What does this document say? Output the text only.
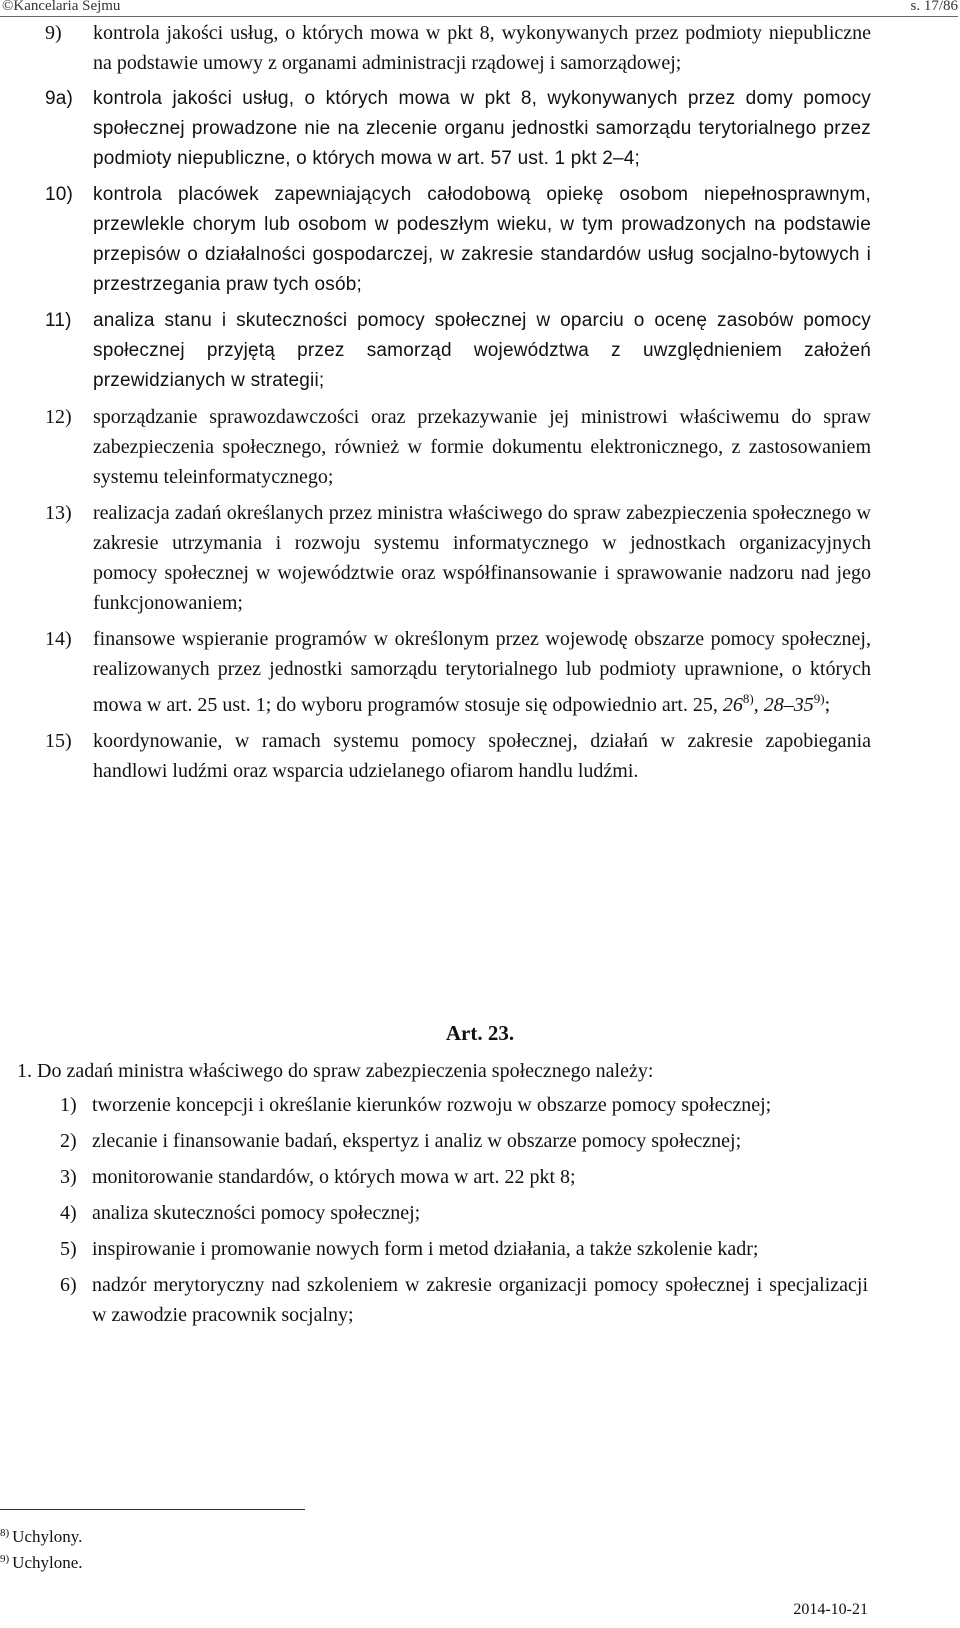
©Kancelaria Sejmu	s. 17/86
9) kontrola jakości usług, o których mowa w pkt 8, wykonywanych przez podmioty niepubliczne na podstawie umowy z organami administracji rządowej i samorządowej;
9a) kontrola jakości usług, o których mowa w pkt 8, wykonywanych przez domy pomocy społecznej prowadzone nie na zlecenie organu jednostki samorządu terytorialnego przez podmioty niepubliczne, o których mowa w art. 57 ust. 1 pkt 2–4;
10) kontrola placówek zapewniających całodobową opiekę osobom niepełnosprawnym, przewlekle chorym lub osobom w podeszłym wieku, w tym prowadzonych na podstawie przepisów o działalności gospodarczej, w zakresie standardów usług socjalno-bytowych i przestrzegania praw tych osób;
11) analiza stanu i skuteczności pomocy społecznej w oparciu o ocenę zasobów pomocy społecznej przyjętą przez samorząd województwa z uwzględnieniem założeń przewidzianych w strategii;
12) sporządzanie sprawozdawczości oraz przekazywanie jej ministrowi właściwemu do spraw zabezpieczenia społecznego, również w formie dokumentu elektronicznego, z zastosowaniem systemu teleinformatycznego;
13) realizacja zadań określanych przez ministra właściwego do spraw zabezpieczenia społecznego w zakresie utrzymania i rozwoju systemu informatycznego w jednostkach organizacyjnych pomocy społecznej w województwie oraz współfinansowanie i sprawowanie nadzoru nad jego funkcjonowaniem;
14) finansowe wspieranie programów w określonym przez wojewodę obszarze pomocy społecznej, realizowanych przez jednostki samorządu terytorialnego lub podmioty uprawnione, o których mowa w art. 25 ust. 1; do wyboru programów stosuje się odpowiednio art. 25, 26$^{8)}$, 28–35$^{9)}$;
15) koordynowanie, w ramach systemu pomocy społecznej, działań w zakresie zapobiegania handlowi ludźmi oraz wsparcia udzielanego ofiarom handlu ludźmi.
Art. 23.
1. Do zadań ministra właściwego do spraw zabezpieczenia społecznego należy:
1) tworzenie koncepcji i określanie kierunków rozwoju w obszarze pomocy społecznej;
2) zlecanie i finansowanie badań, ekspertyz i analiz w obszarze pomocy społecznej;
3) monitorowanie standardów, o których mowa w art. 22 pkt 8;
4) analiza skuteczności pomocy społecznej;
5) inspirowanie i promowanie nowych form i metod działania, a także szkolenie kadr;
6) nadzór merytoryczny nad szkoleniem w zakresie organizacji pomocy społecznej i specjalizacji w zawodzie pracownik socjalny;
$^{8)}$ Uchylony.
$^{9)}$ Uchylone.
2014-10-21
